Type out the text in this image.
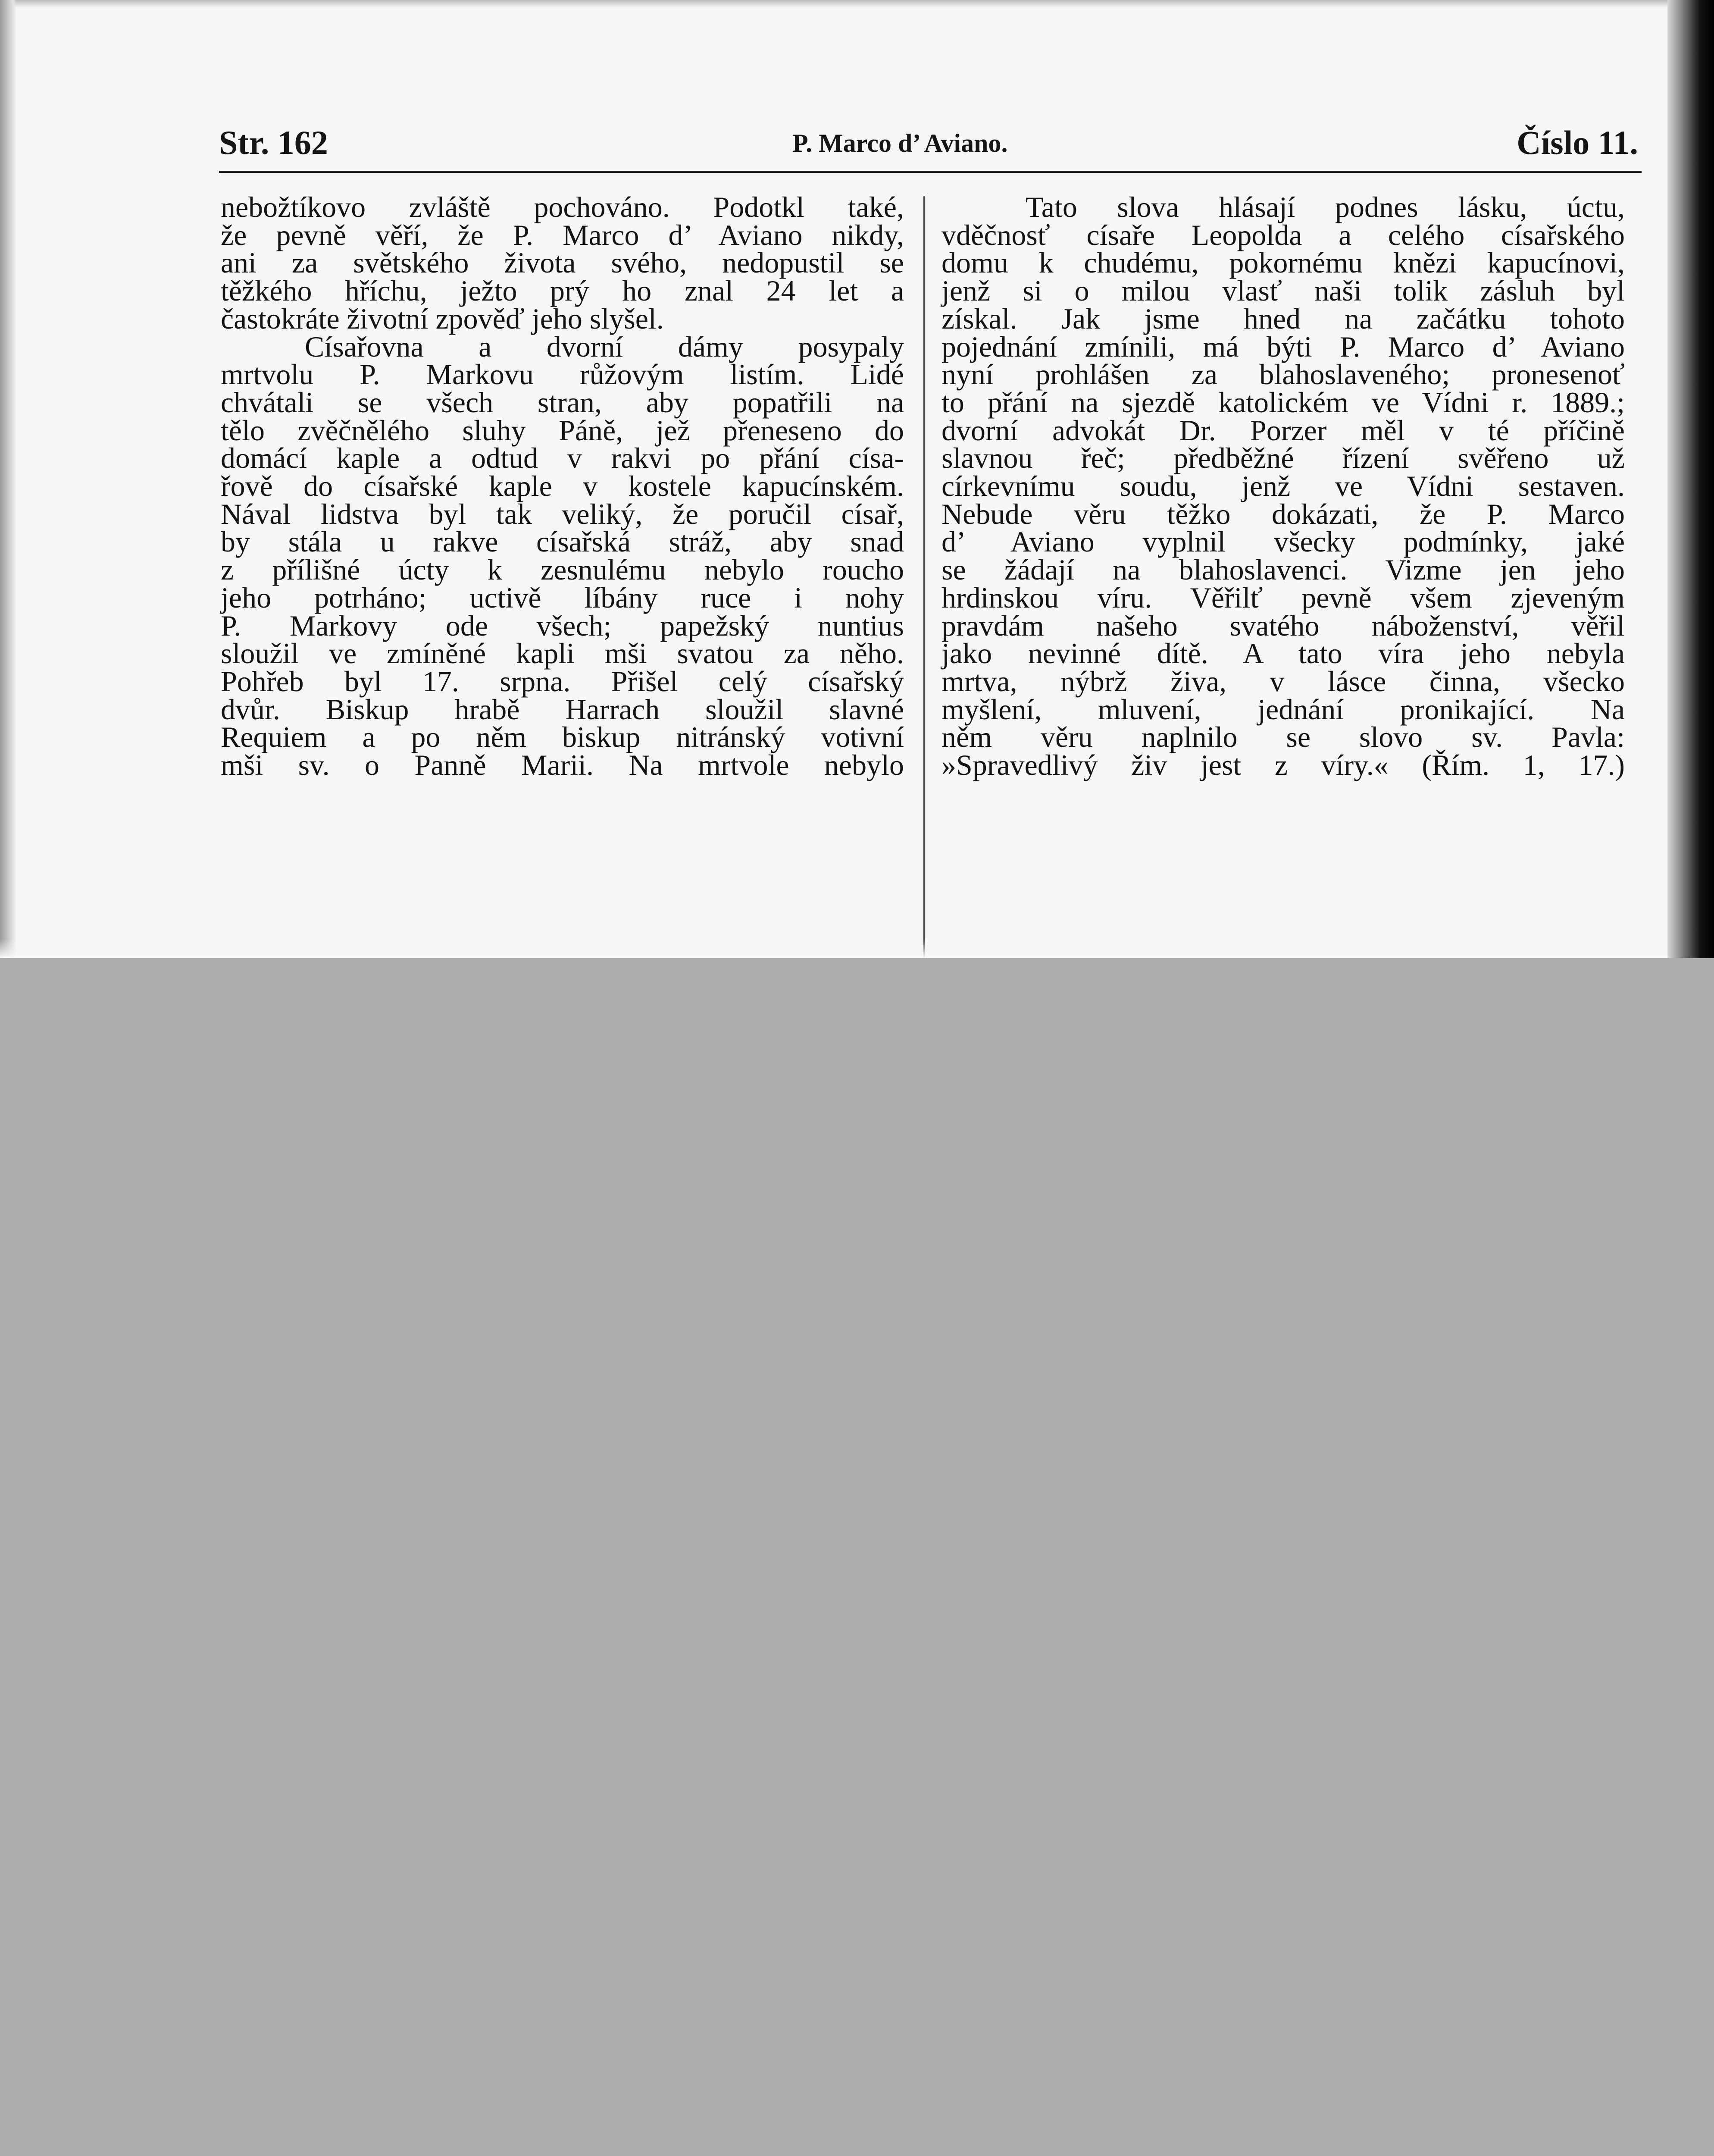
Str. 162	P. Marco d’ Aviano.	Číslo 11.
nebožtíkovo zvláště pochováno. Podotkl také,
že pevně věří, že P. Marco d’ Aviano nikdy,
ani za světského života svého, nedopustil se
těžkého hříchu, ježto prý ho znal 24 let a
častokráte životní zpověď jeho slyšel.
Císařovna a dvorní dámy posypaly
mrtvolu P. Markovu růžovým listím. Lidé
chvátali se všech stran, aby popatřili na
tělo zvěčnělého sluhy Páně, jež přeneseno do
domácí kaple a odtud v rakvi po přání císa-
řově do císařské kaple v kostele kapucínském.
Nával lidstva byl tak veliký, že poručil císař,
by stála u rakve císařská stráž, aby snad
z přílišné úcty k zesnulému nebylo roucho
jeho potrháno; uctivě líbány ruce i nohy
P. Markovy ode všech; papežský nuntius
sloužil ve zmíněné kapli mši svatou za něho.
Pohřeb byl 17. srpna. Přišel celý císařský
dvůr. Biskup hrabě Harrach sloužil slavné
Requiem a po něm biskup nitránský votivní
mši sv. o Panně Marii. Na mrtvole nebylo
Tato slova hlásají podnes lásku, úctu,
vděčnosť císaře Leopolda a celého císařského
domu k chudému, pokornému knězi kapucínovi,
jenž si o milou vlasť naši tolik zásluh byl
získal. Jak jsme hned na začátku tohoto
pojednání zmínili, má býti P. Marco d’ Aviano
nyní prohlášen za blahoslaveného; pronesenoť
to přání na sjezdě katolickém ve Vídni r. 1889.;
dvorní advokát Dr. Porzer měl v té příčině
slavnou řeč; předběžné řízení svěřeno už
církevnímu soudu, jenž ve Vídni sestaven.
Nebude věru těžko dokázati, že P. Marco
d’ Aviano vyplnil všecky podmínky, jaké
se žádají na blahoslavenci. Vizme jen jeho
hrdinskou víru. Věřilť pevně všem zjeveným
pravdám našeho svatého náboženství, věřil
jako nevinné dítě. A tato víra jeho nebyla
mrtva, nýbrž živa, v lásce činna, všecko
myšlení, mluvení, jednání pronikající. Na
něm věru naplnilo se slovo sv. Pavla:
»Spravedlivý živ jest z víry.« (Řím. 1, 17.)
